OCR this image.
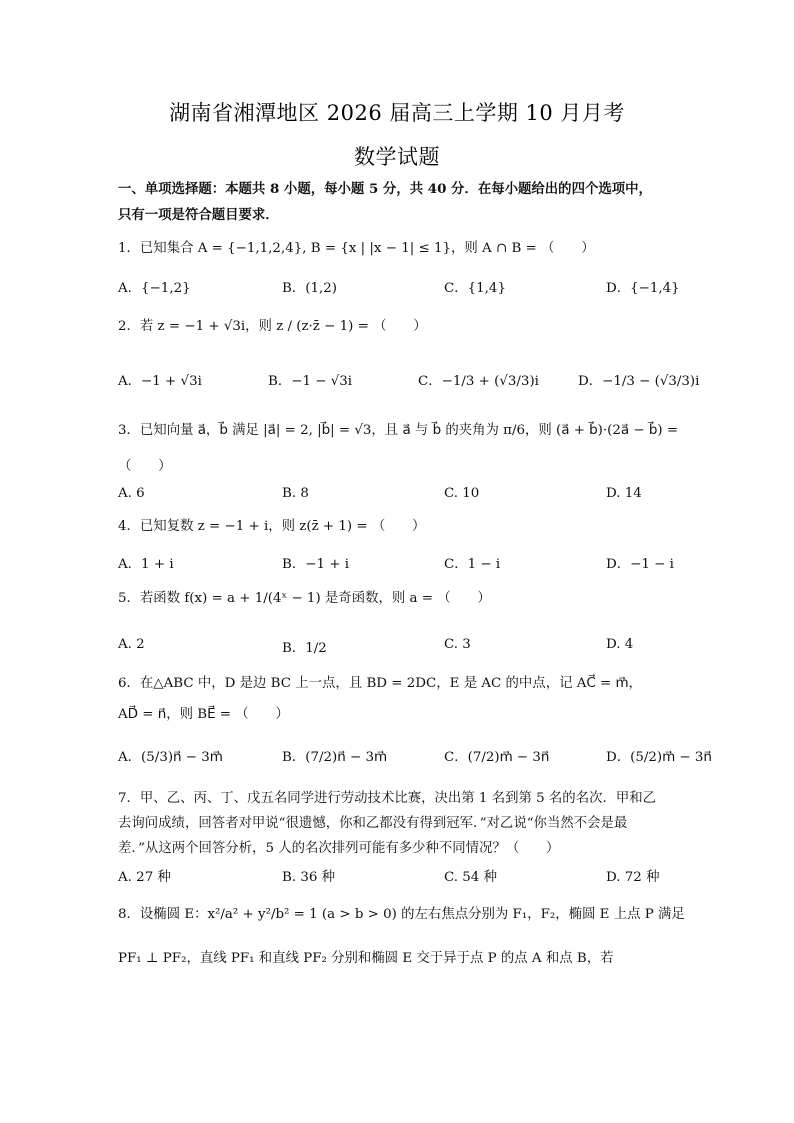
湖南省湘潭地区 2026 届高三上学期 10 月月考
数学试题
一、单项选择题：本题共 8 小题，每小题 5 分，共 40 分．在每小题给出的四个选项中，
只有一项是符合题目要求．
1．已知集合 A = {−1,1,2,4}, B = {x | |x − 1| ≤ 1}，则 A ∩ B = （　　）
A．{−1,2}	B．(1,2)	C．{1,4}	D．{−1,4}
2．若 z = −1 + √3i，则 z / (z·z̄ − 1) = （　　）
A．−1 + √3i	B．−1 − √3i	C．−1/3 + (√3/3)i	D．−1/3 − (√3/3)i
3．已知向量 a⃗，b⃗ 满足 |a⃗| = 2, |b⃗| = √3，且 a⃗ 与 b⃗ 的夹角为 π/6，则 (a⃗ + b⃗)·(2a⃗ − b⃗) =
（　　）
A. 6	B. 8	C. 10	D. 14
4．已知复数 z = −1 + i，则 z(z̄ + 1) = （　　）
A．1 + i	B．−1 + i	C．1 − i	D．−1 − i
5．若函数 f(x) = a + 1/(4ˣ − 1) 是奇函数，则 a = （　　）
A. 2	B．1/2	C. 3	D. 4
6．在△ABC 中，D 是边 BC 上一点，且 BD = 2DC，E 是 AC 的中点，记 AC⃗ = m⃗，
AD⃗ = n⃗，则 BE⃗ = （　　）
A．(5/3)n⃗ − 3m⃗	B．(7/2)n⃗ − 3m⃗	C．(7/2)m⃗ − 3n⃗	D．(5/2)m⃗ − 3n⃗
7．甲、乙、丙、丁、戊五名同学进行劳动技术比赛，决出第 1 名到第 5 名的名次．甲和乙
去询问成绩，回答者对甲说“很遗憾，你和乙都没有得到冠军．”对乙说“你当然不会是最
差．”从这两个回答分析，5 人的名次排列可能有多少种不同情况？（　　）
A. 27 种	B. 36 种	C. 54 种	D. 72 种
8．设椭圆 E：x²/a² + y²/b² = 1 (a > b > 0) 的左右焦点分别为 F₁，F₂，椭圆 E 上点 P 满足
PF₁ ⊥ PF₂，直线 PF₁ 和直线 PF₂ 分别和椭圆 E 交于异于点 P 的点 A 和点 B，若
